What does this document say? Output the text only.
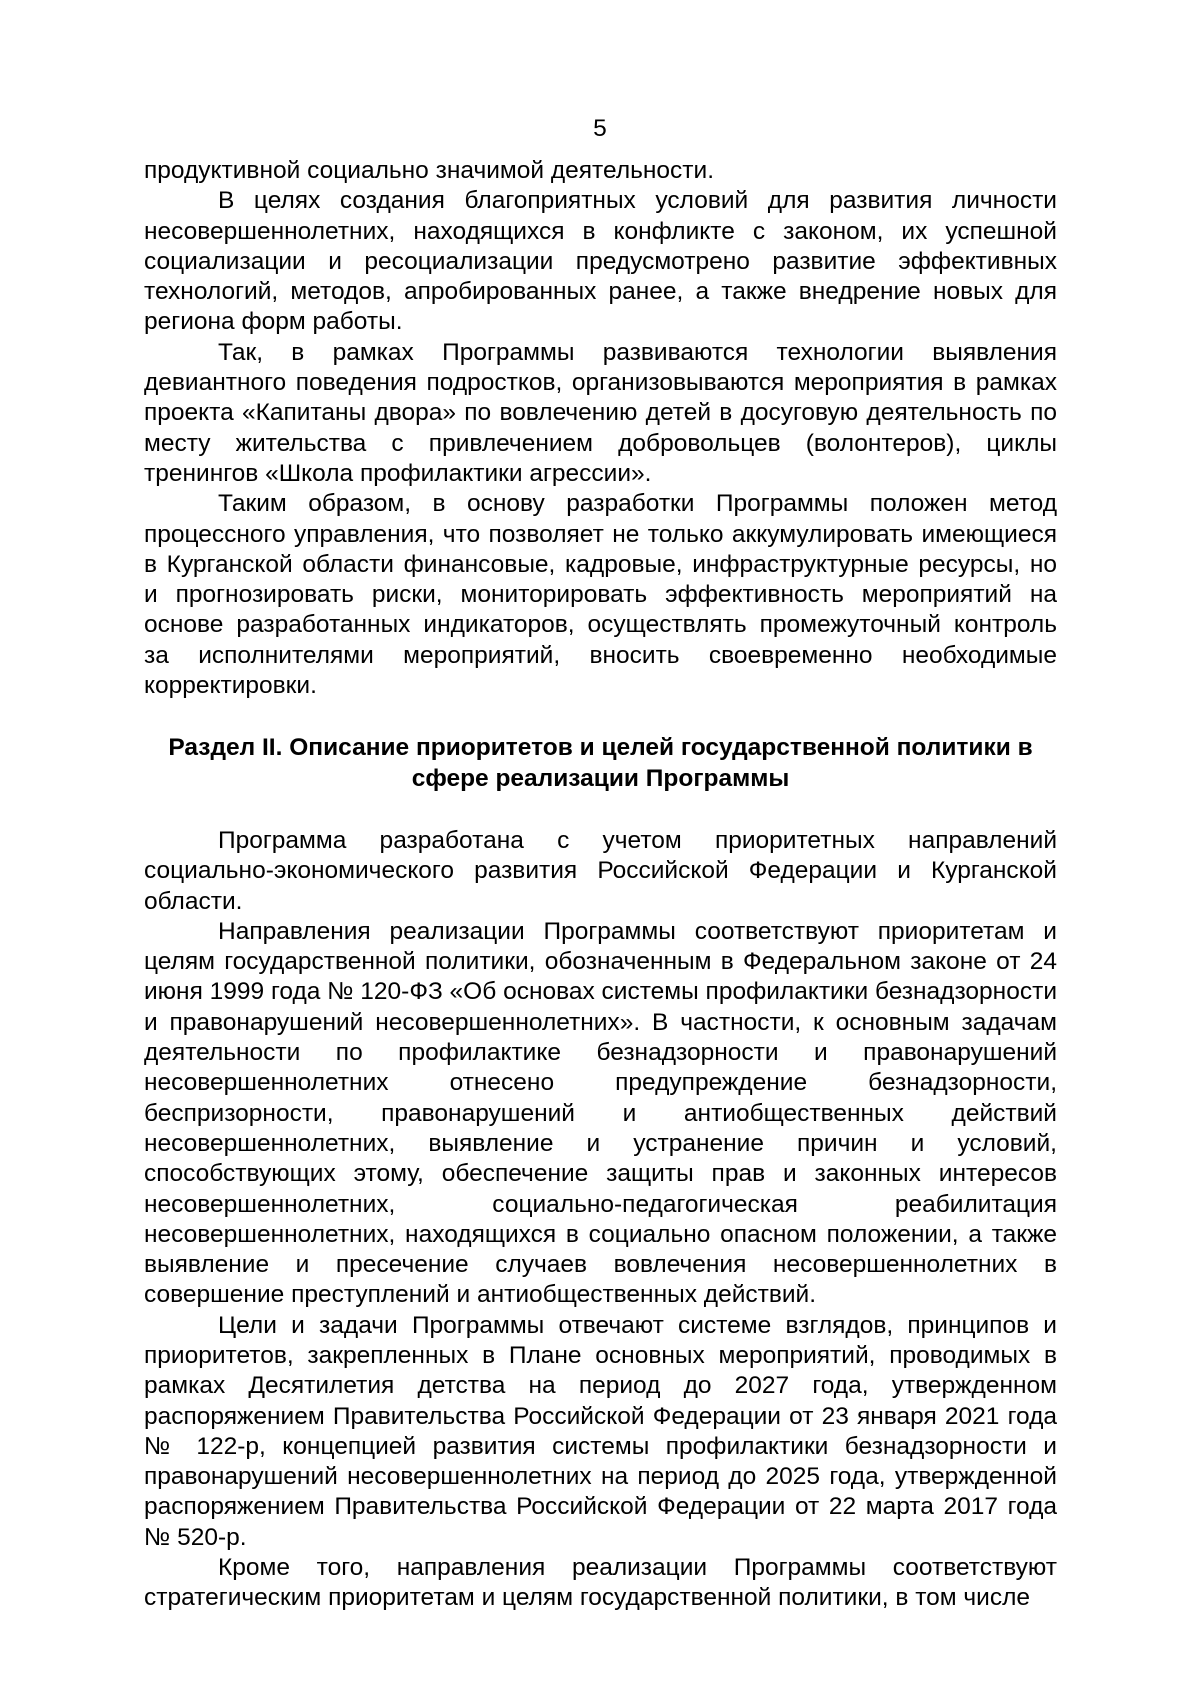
5

продуктивной социально значимой деятельности.

В целях создания благоприятных условий для развития личности несовершеннолетних, находящихся в конфликте с законом, их успешной социализации и ресоциализации предусмотрено развитие эффективных технологий, методов, апробированных ранее, а также внедрение новых для региона форм работы.

Так, в рамках Программы развиваются технологии выявления девиантного поведения подростков, организовываются мероприятия в рамках проекта «Капитаны двора» по вовлечению детей в досуговую деятельность по месту жительства с привлечением добровольцев (волонтеров), циклы тренингов «Школа профилактики агрессии».

Таким образом, в основу разработки Программы положен метод процессного управления, что позволяет не только аккумулировать имеющиеся в Курганской области финансовые, кадровые, инфраструктурные ресурсы, но и прогнозировать риски, мониторировать эффективность мероприятий на основе разработанных индикаторов, осуществлять промежуточный контроль за исполнителями мероприятий, вносить своевременно необходимые корректировки.

Раздел II. Описание приоритетов и целей государственной политики в
сфере реализации Программы

Программа разработана с учетом приоритетных направлений социально-экономического развития Российской Федерации и Курганской области.

Направления реализации Программы соответствуют приоритетам и целям государственной политики, обозначенным в Федеральном законе от 24 июня 1999 года № 120-ФЗ «Об основах системы профилактики безнадзорности и правонарушений несовершеннолетних». В частности, к основным задачам деятельности по профилактике безнадзорности и правонарушений несовершеннолетних отнесено предупреждение безнадзорности, беспризорности, правонарушений и антиобщественных действий несовершеннолетних, выявление и устранение причин и условий, способствующих этому, обеспечение защиты прав и законных интересов несовершеннолетних, социально-педагогическая реабилитация несовершеннолетних, находящихся в социально опасном положении, а также выявление и пресечение случаев вовлечения несовершеннолетних в совершение преступлений и антиобщественных действий.

Цели и задачи Программы отвечают системе взглядов, принципов и приоритетов, закрепленных в Плане основных мероприятий, проводимых в рамках Десятилетия детства на период до 2027 года, утвержденном распоряжением Правительства Российской Федерации от 23 января 2021 года № 122-р, концепцией развития системы профилактики безнадзорности и правонарушений несовершеннолетних на период до 2025 года, утвержденной распоряжением Правительства Российской Федерации от 22 марта 2017 года № 520-р.

Кроме того, направления реализации Программы соответствуют стратегическим приоритетам и целям государственной политики, в том числе
